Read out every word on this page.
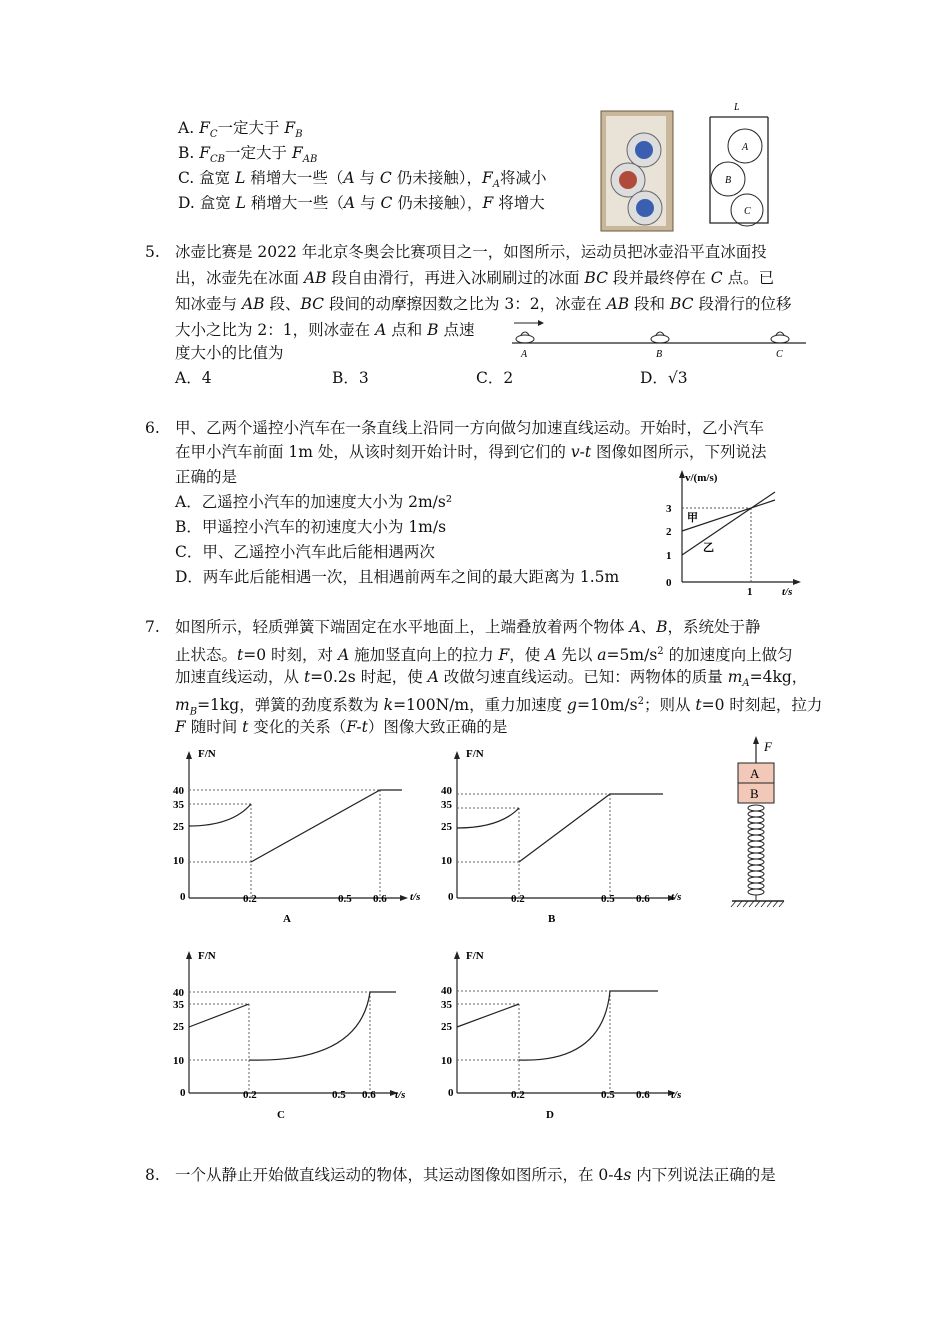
A. $F_C$一定大于 $F_B$
B. $F_{CB}$一定大于 $F_{AB}$
C. 盒宽 L 稍增大一些（A 与 C 仍未接触），$F_A$将减小
D. 盒宽 L 稍增大一些（A 与 C 仍未接触），F 将增大
L
A
B
C
5. 冰壶比赛是 2022 年北京冬奥会比赛项目之一，如图所示，运动员把冰壶沿平直冰面投
出，冰壶先在冰面 AB 段自由滑行，再进入冰刷刷过的冰面 BC 段并最终停在 C 点。已
知冰壶与 AB 段、BC 段间的动摩擦因数之比为 3：2，冰壶在 AB 段和 BC 段滑行的位移
大小之比为 2：1，则冰壶在 A 点和 B 点速
度大小的比值为
A．4	B．3	C．2	D．√3
A	B	C
6. 甲、乙两个遥控小汽车在一条直线上沿同一方向做匀加速直线运动。开始时，乙小汽车
在甲小汽车前面 1m 处，从该时刻开始计时，得到它们的 v-t 图像如图所示，下列说法
正确的是
A．乙遥控小汽车的加速度大小为 2m/s²
B．甲遥控小汽车的初速度大小为 1m/s
C．甲、乙遥控小汽车此后能相遇两次
D．两车此后能相遇一次，且相遇前两车之间的最大距离为 1.5m
v/(m/s)
t/s
3
2
1
0
1
甲
乙
7. 如图所示，轻质弹簧下端固定在水平地面上，上端叠放着两个物体 A、B，系统处于静
止状态。t=0 时刻，对 A 施加竖直向上的拉力 F，使 A 先以 $a=5m/s^2$ 的加速度向上做匀
加速直线运动，从 t=0.2s 时起，使 A 改做匀速直线运动。已知：两物体的质量 $m_A=4kg$，
$m_B=1kg$，弹簧的劲度系数为 k=100N/m，重力加速度 $g=10m/s^2$；则从 t=0 时刻起，拉力
F 随时间 t 变化的关系（F-t）图像大致正确的是
F/N
t/s
40
35
25
10
0	0.2	0.5 0.6
A
F/N
t/s
40
35
25
10
0	0.2	0.5 0.6
B
F
A
B
F/N
t/s
40
35
25
10
0	0.2	0.5 0.6
C
F/N
t/s
40
35
25
10
0	0.2	0.5 0.6
D
8. 一个从静止开始做直线运动的物体，其运动图像如图所示，在 0-4s 内下列说法正确的是
